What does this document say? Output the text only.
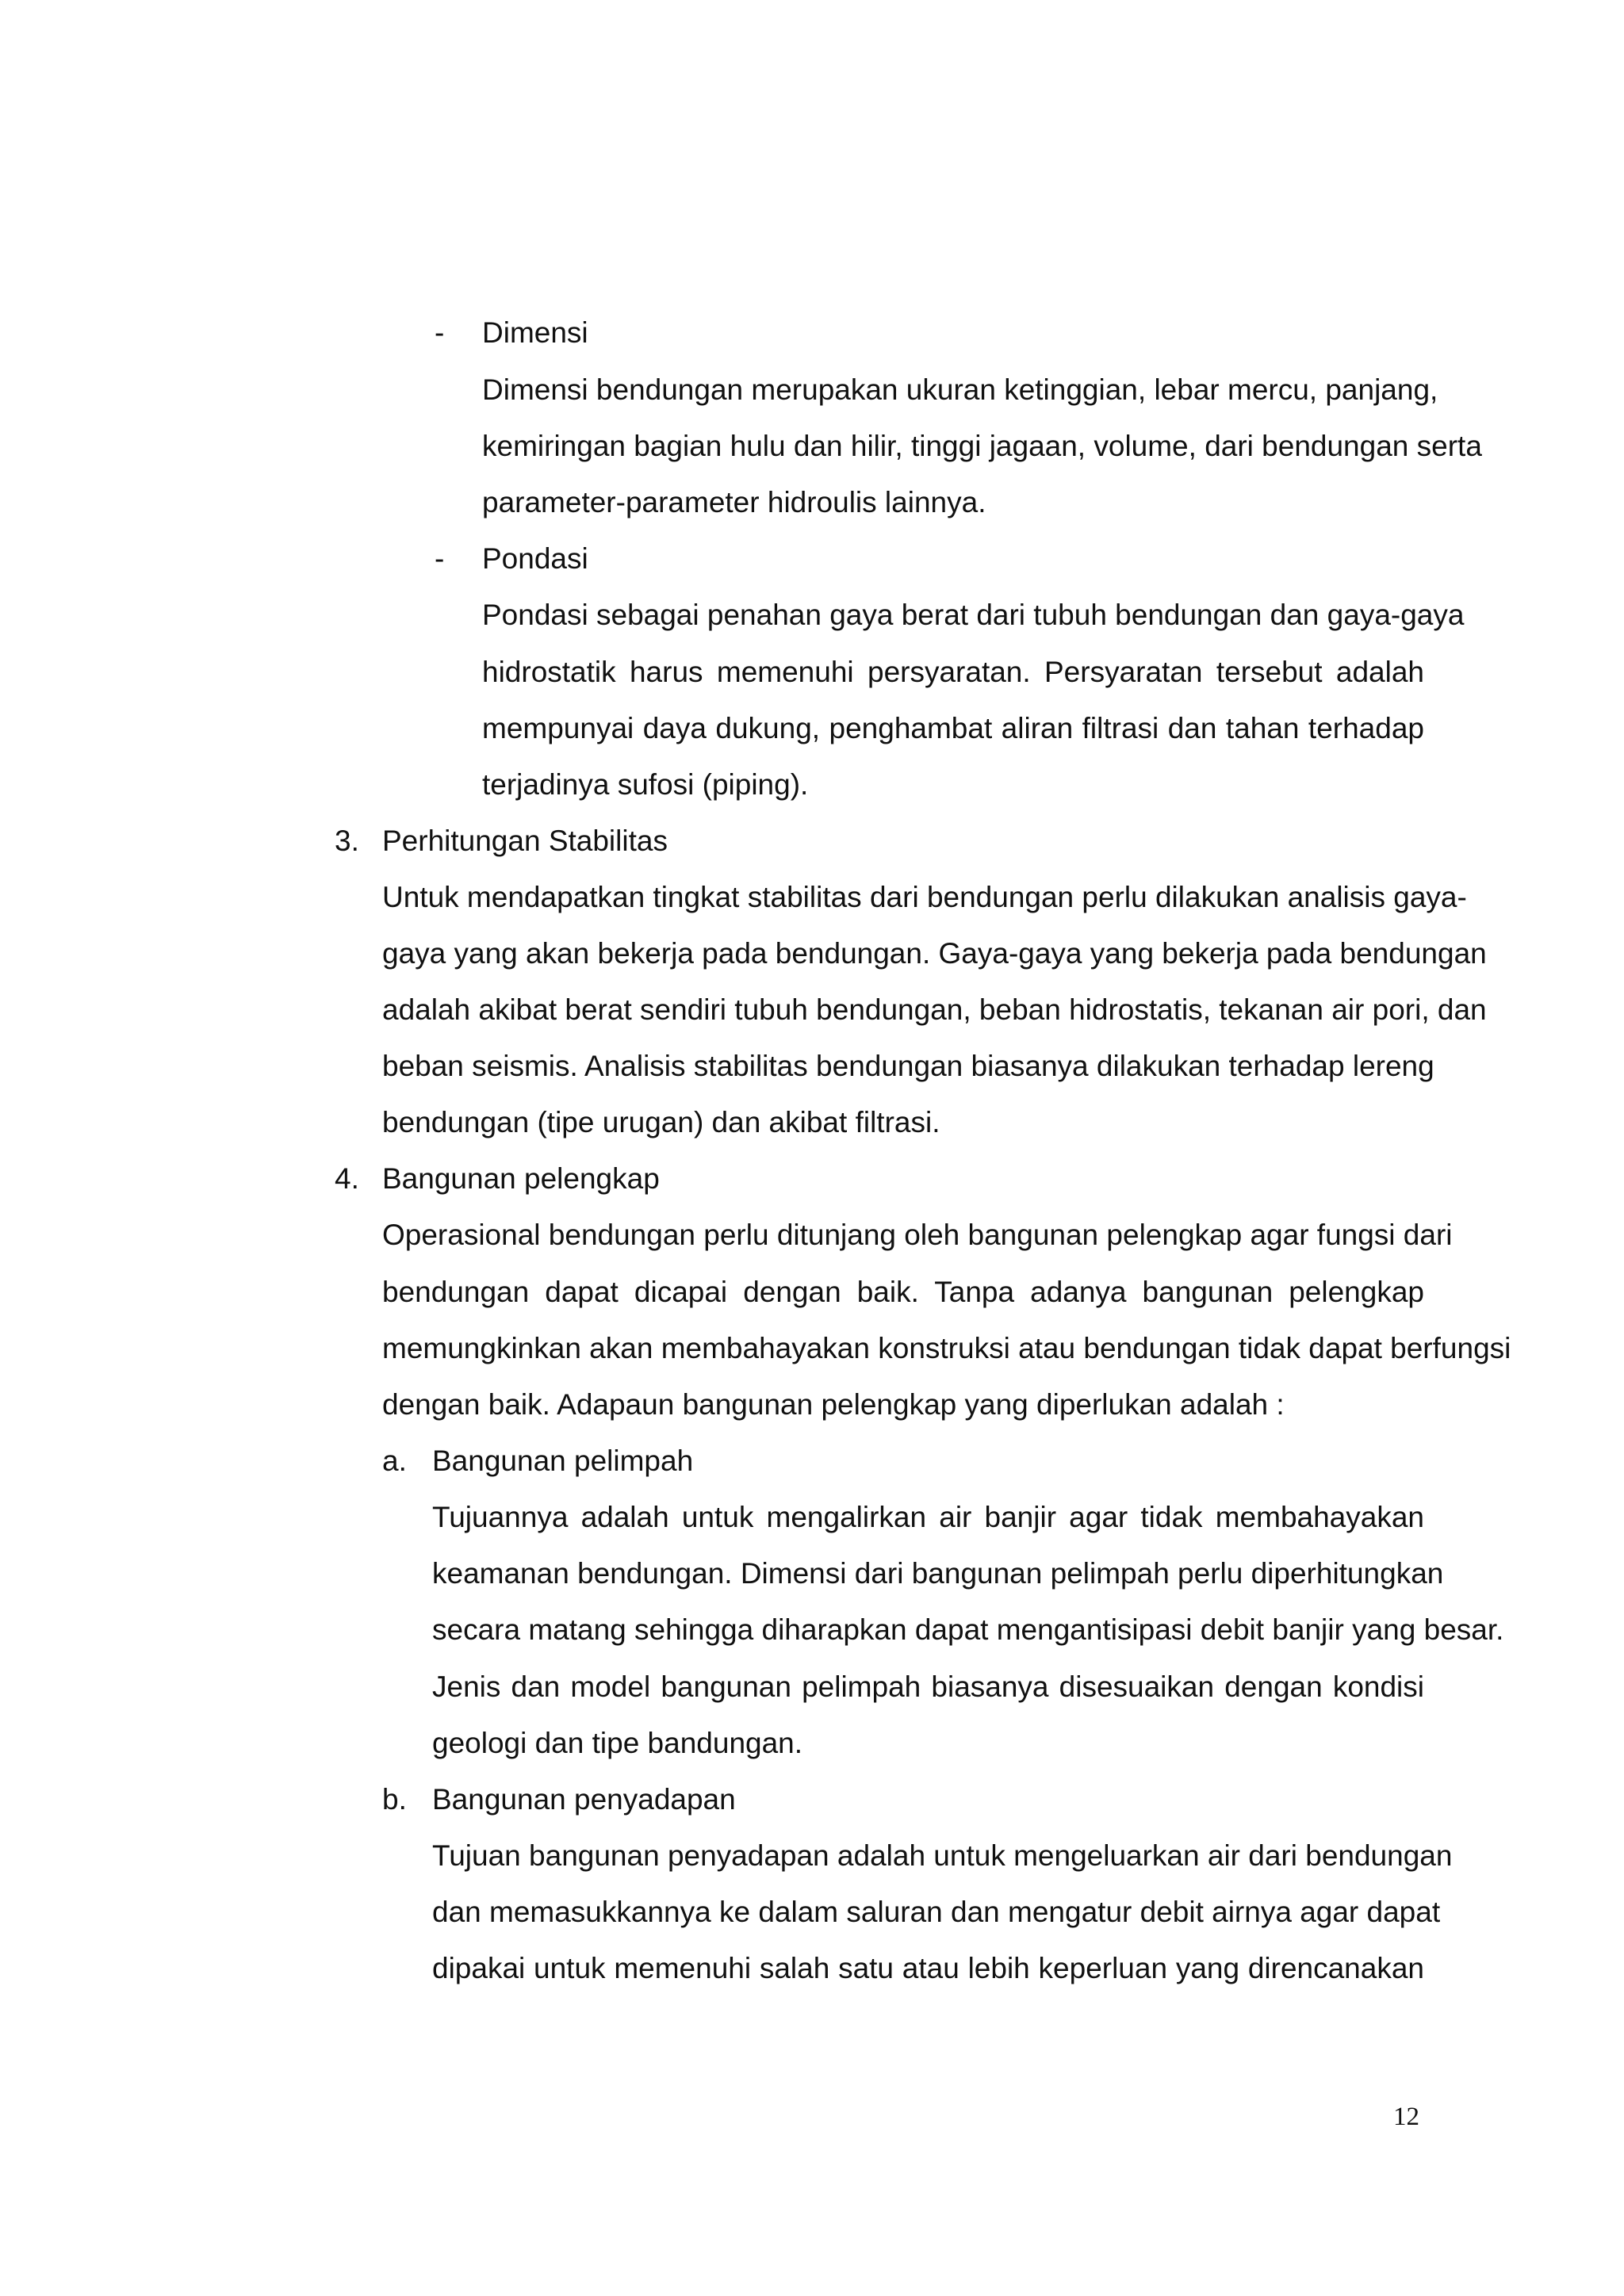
- Dimensi
Dimensi bendungan merupakan ukuran ketinggian, lebar mercu, panjang,
kemiringan bagian hulu dan hilir, tinggi jagaan, volume, dari bendungan serta
parameter-parameter hidroulis lainnya.
- Pondasi
Pondasi sebagai penahan gaya berat dari tubuh bendungan dan gaya-gaya
hidrostatik harus memenuhi persyaratan. Persyaratan tersebut adalah
mempunyai daya dukung, penghambat aliran filtrasi dan tahan terhadap
terjadinya sufosi (piping).
3. Perhitungan Stabilitas
Untuk mendapatkan tingkat stabilitas dari bendungan perlu dilakukan analisis gaya-
gaya yang akan bekerja pada bendungan. Gaya-gaya yang bekerja pada bendungan
adalah akibat berat sendiri tubuh bendungan, beban hidrostatis, tekanan air pori, dan
beban seismis. Analisis stabilitas bendungan biasanya dilakukan terhadap lereng
bendungan (tipe urugan) dan akibat filtrasi.
4. Bangunan pelengkap
Operasional bendungan perlu ditunjang oleh bangunan pelengkap agar fungsi dari
bendungan dapat dicapai dengan baik. Tanpa adanya bangunan pelengkap
memungkinkan akan membahayakan konstruksi atau bendungan tidak dapat berfungsi
dengan baik. Adapaun bangunan pelengkap yang diperlukan adalah :
a. Bangunan pelimpah
Tujuannya adalah untuk mengalirkan air banjir agar tidak membahayakan
keamanan bendungan. Dimensi dari bangunan pelimpah perlu diperhitungkan
secara matang sehingga diharapkan dapat mengantisipasi debit banjir yang besar.
Jenis dan model bangunan pelimpah biasanya disesuaikan dengan kondisi
geologi dan tipe bandungan.
b. Bangunan penyadapan
Tujuan bangunan penyadapan adalah untuk mengeluarkan air dari bendungan
dan memasukkannya ke dalam saluran dan mengatur debit airnya agar dapat
dipakai untuk memenuhi salah satu atau lebih keperluan yang direncanakan
12
